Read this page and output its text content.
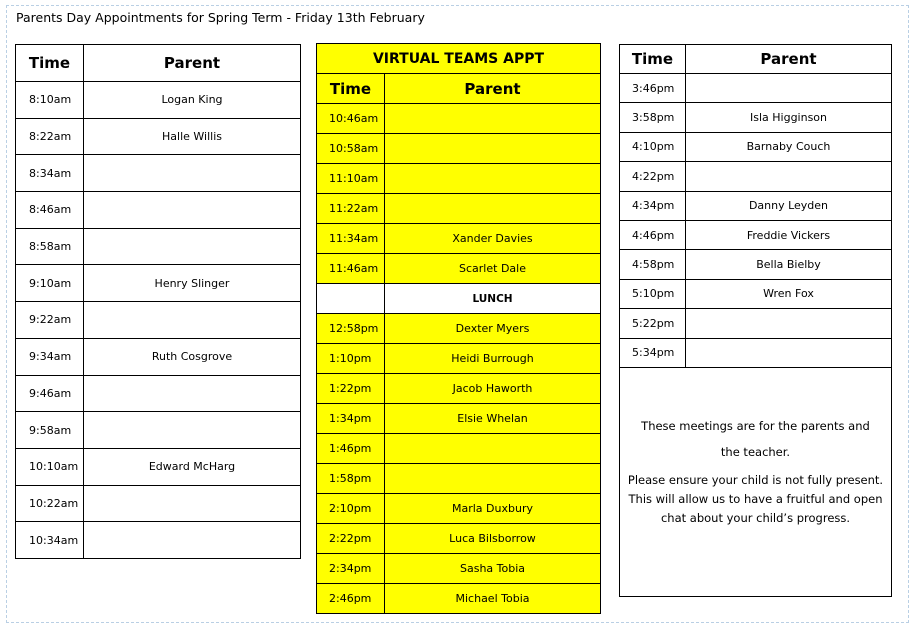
Parents Day Appointments for Spring Term - Friday 13th February
Time	Parent
8:10am	Logan King
8:22am	Halle Willis
8:34am	
8:46am	
8:58am	
9:10am	Henry Slinger
9:22am	
9:34am	Ruth Cosgrove
9:46am	
9:58am	
10:10am	Edward McHarg
10:22am	
10:34am	
VIRTUAL TEAMS APPT	
Time	Parent
10:46am	
10:58am	
11:10am	
11:22am	
11:34am	Xander Davies
11:46am	Scarlet Dale
	LUNCH
12:58pm	Dexter Myers
1:10pm	Heidi Burrough
1:22pm	Jacob Haworth
1:34pm	Elsie Whelan
1:46pm	
1:58pm	
2:10pm	Marla Duxbury
2:22pm	Luca Bilsborrow
2:34pm	Sasha Tobia
2:46pm	Michael Tobia
Time	Parent
3:46pm	
3:58pm	Isla Higginson
4:10pm	Barnaby Couch
4:22pm	
4:34pm	Danny Leyden
4:46pm	Freddie Vickers
4:58pm	Bella Bielby
5:10pm	Wren Fox
5:22pm	
5:34pm	

These meetings are for the parents and the teacher.

Please ensure your child is not fully present. This will allow us to have a fruitful and open chat about your child’s progress.
